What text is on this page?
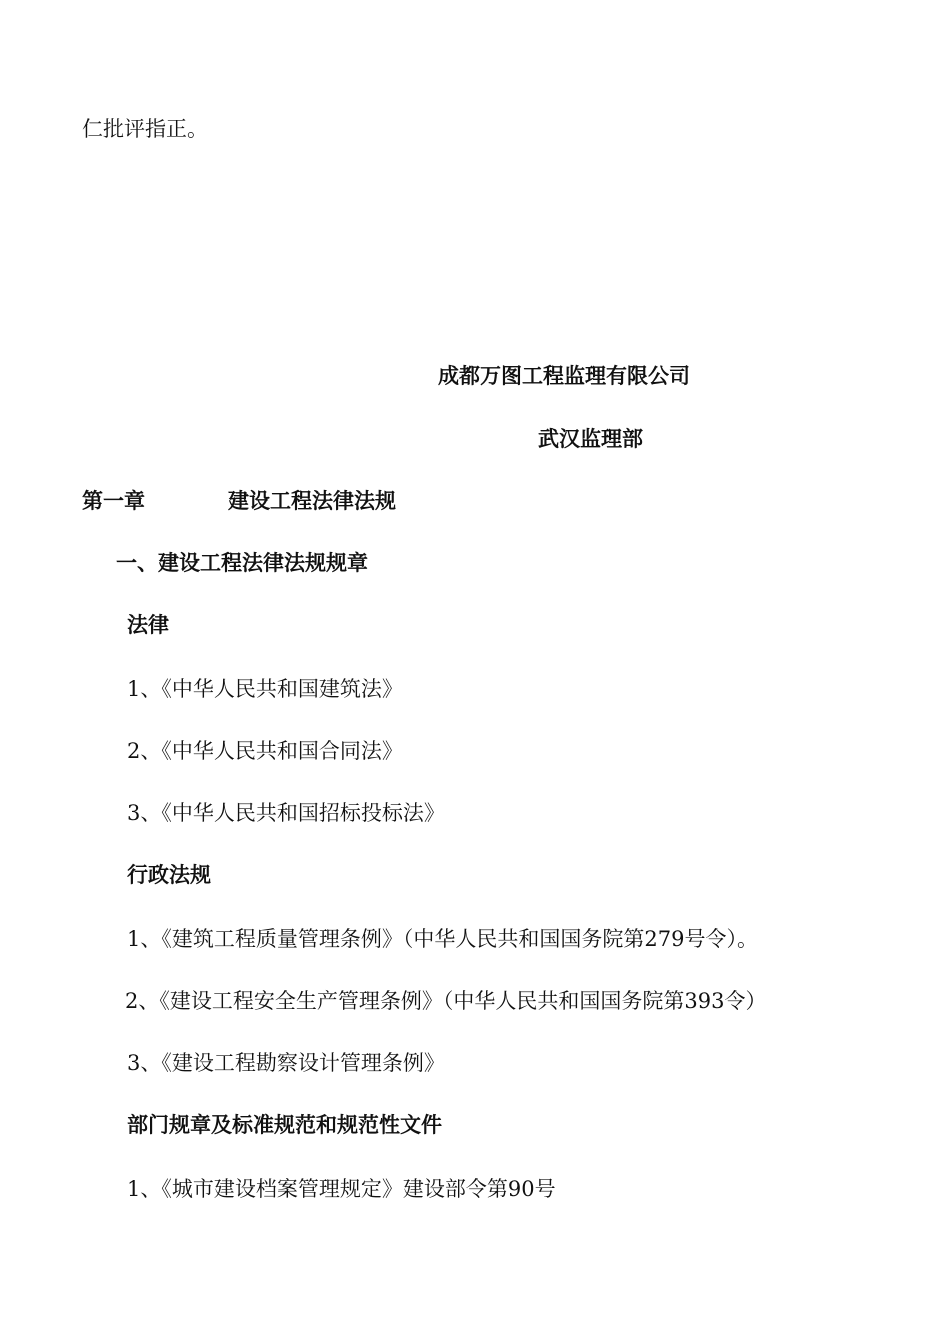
仁批评指正。
成都万图工程监理有限公司
武汉监理部
第一章	建设工程法律法规
一、建设工程法律法规规章
法律
1、《中华人民共和国建筑法》
2、《中华人民共和国合同法》
3、《中华人民共和国招标投标法》
行政法规
1、《建筑工程质量管理条例》（中华人民共和国国务院第279号令）。
2、《建设工程安全生产管理条例》（中华人民共和国国务院第393令）
3、《建设工程勘察设计管理条例》
部门规章及标准规范和规范性文件
1、《城市建设档案管理规定》建设部令第90号
